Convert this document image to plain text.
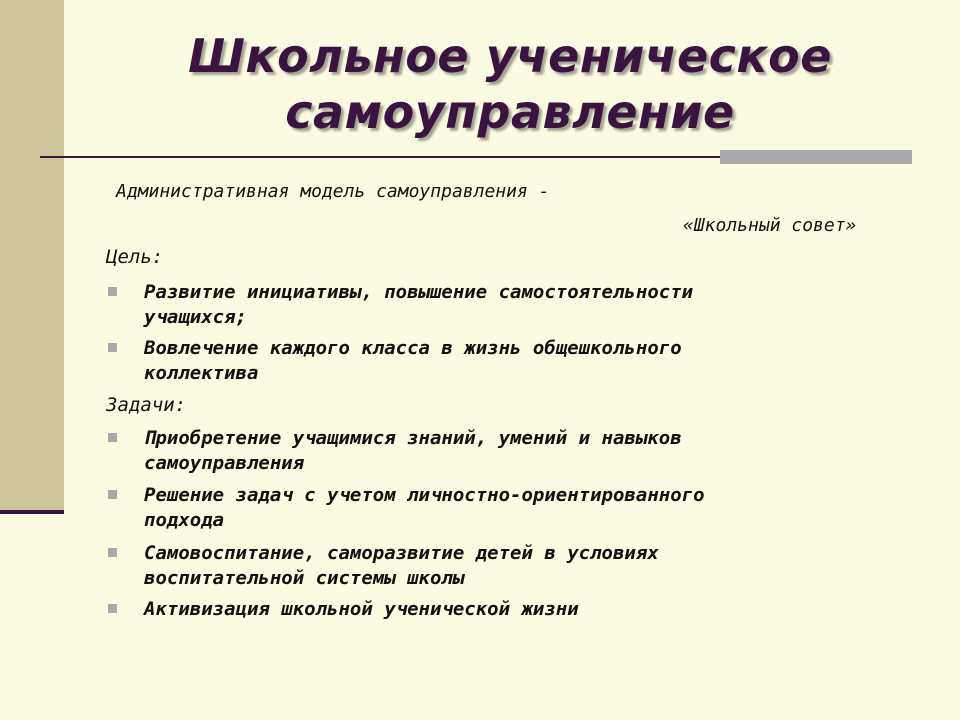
Школьное ученическое самоуправление
Административная модель самоуправления -
«Школьный совет»
Цель:
Развитие инициативы, повышение самостоятельности
учащихся;
Вовлечение каждого класса в жизнь общешкольного
коллектива
Задачи:
Приобретение учащимися знаний, умений и навыков
самоуправления
Решение задач с учетом личностно-ориентированного
подхода
Самовоспитание, саморазвитие детей в условиях
воспитательной системы школы
Активизация школьной ученической жизни
